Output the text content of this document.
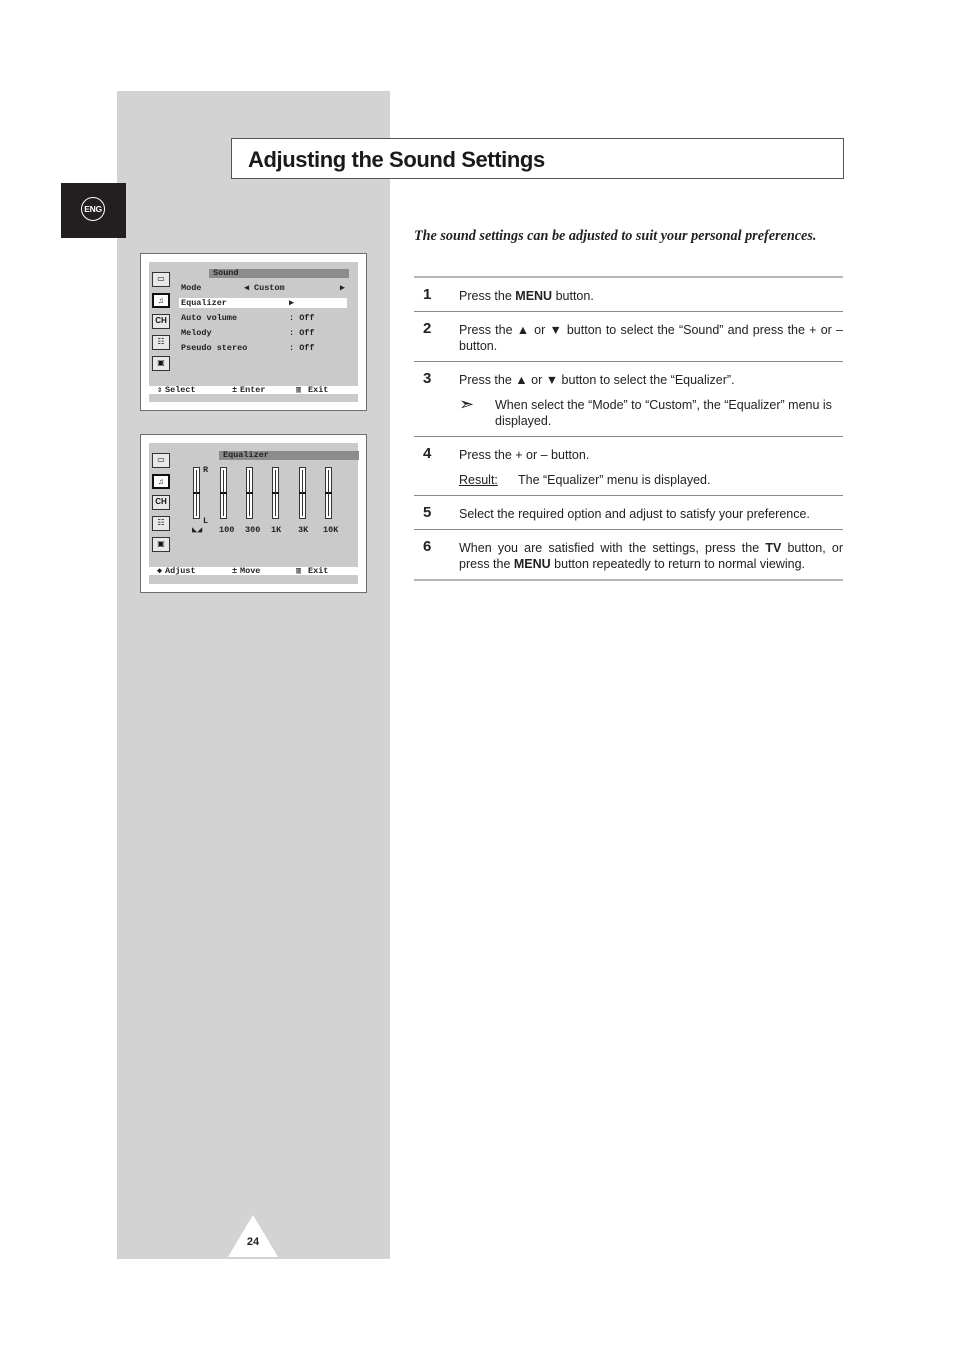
ENG
Adjusting the Sound Settings

The sound settings can be adjusted to suit your personal preferences.

▭
♫
CH
☷
▣
Sound
Mode	◀ Custom	▶
Equalizer	▶
Auto volume	: Off
Melody	: Off
Pseudo stereo	: Off
⇕ Select	± Enter	▥ Exit
▭
♫
CH
☷
▣
Equalizer
R
L
◣◢ 100 300 1K 3K 10K
◆ Adjust	± Move	▥ Exit
1 Press the MENU button.

2 Press the ▲ or ▼ button to select the “Sound” and press the + or – button.

3 Press the ▲ or ▼ button to select the “Equalizer”.

➣ When select the “Mode” to “Custom”, the “Equalizer” menu is displayed.
4 Press the + or – button.

Result: The “Equalizer” menu is displayed.
5 Select the required option and adjust to satisfy your preference.

6 When you are satisfied with the settings, press the TV button, or press the MENU button repeatedly to return to normal viewing.

24
